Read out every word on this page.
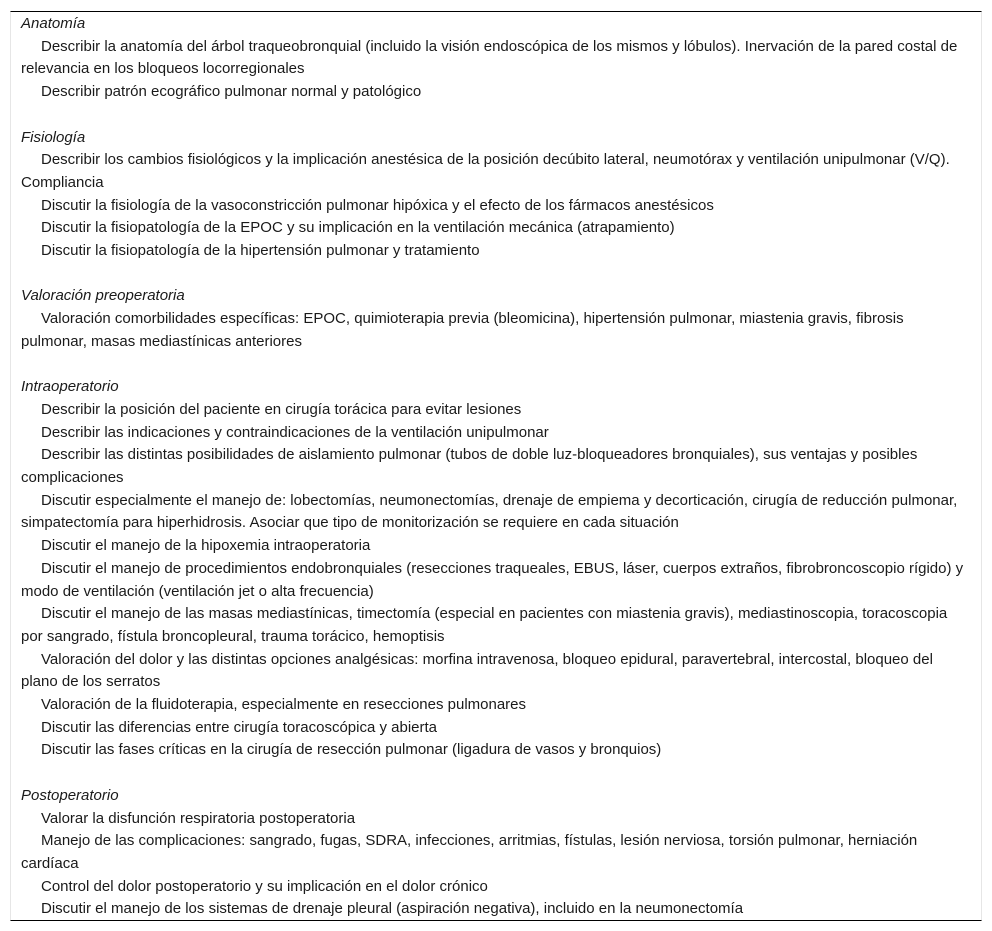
Anatomía
Describir la anatomía del árbol traqueobronquial (incluido la visión endoscópica de los mismos y lóbulos). Inervación de la pared costal de relevancia en los bloqueos locorregionales
Describir patrón ecográfico pulmonar normal y patológico
Fisiología
Describir los cambios fisiológicos y la implicación anestésica de la posición decúbito lateral, neumotórax y ventilación unipulmonar (V/Q). Compliancia
Discutir la fisiología de la vasoconstricción pulmonar hipóxica y el efecto de los fármacos anestésicos
Discutir la fisiopatología de la EPOC y su implicación en la ventilación mecánica (atrapamiento)
Discutir la fisiopatología de la hipertensión pulmonar y tratamiento
Valoración preoperatoria
Valoración comorbilidades específicas: EPOC, quimioterapia previa (bleomicina), hipertensión pulmonar, miastenia gravis, fibrosis pulmonar, masas mediastínicas anteriores
Intraoperatorio
Describir la posición del paciente en cirugía torácica para evitar lesiones
Describir las indicaciones y contraindicaciones de la ventilación unipulmonar
Describir las distintas posibilidades de aislamiento pulmonar (tubos de doble luz-bloqueadores bronquiales), sus ventajas y posibles complicaciones
Discutir especialmente el manejo de: lobectomías, neumonectomías, drenaje de empiema y decorticación, cirugía de reducción pulmonar, simpatectomía para hiperhidrosis. Asociar que tipo de monitorización se requiere en cada situación
Discutir el manejo de la hipoxemia intraoperatoria
Discutir el manejo de procedimientos endobronquiales (resecciones traqueales, EBUS, láser, cuerpos extraños, fibrobroncoscopio rígido) y modo de ventilación (ventilación jet o alta frecuencia)
Discutir el manejo de las masas mediastínicas, timectomía (especial en pacientes con miastenia gravis), mediastinoscopia, toracoscopia por sangrado, fístula broncopleural, trauma torácico, hemoptisis
Valoración del dolor y las distintas opciones analgésicas: morfina intravenosa, bloqueo epidural, paravertebral, intercostal, bloqueo del plano de los serratos
Valoración de la fluidoterapia, especialmente en resecciones pulmonares
Discutir las diferencias entre cirugía toracoscópica y abierta
Discutir las fases críticas en la cirugía de resección pulmonar (ligadura de vasos y bronquios)
Postoperatorio
Valorar la disfunción respiratoria postoperatoria
Manejo de las complicaciones: sangrado, fugas, SDRA, infecciones, arritmias, fístulas, lesión nerviosa, torsión pulmonar, herniación cardíaca
Control del dolor postoperatorio y su implicación en el dolor crónico
Discutir el manejo de los sistemas de drenaje pleural (aspiración negativa), incluido en la neumonectomía
